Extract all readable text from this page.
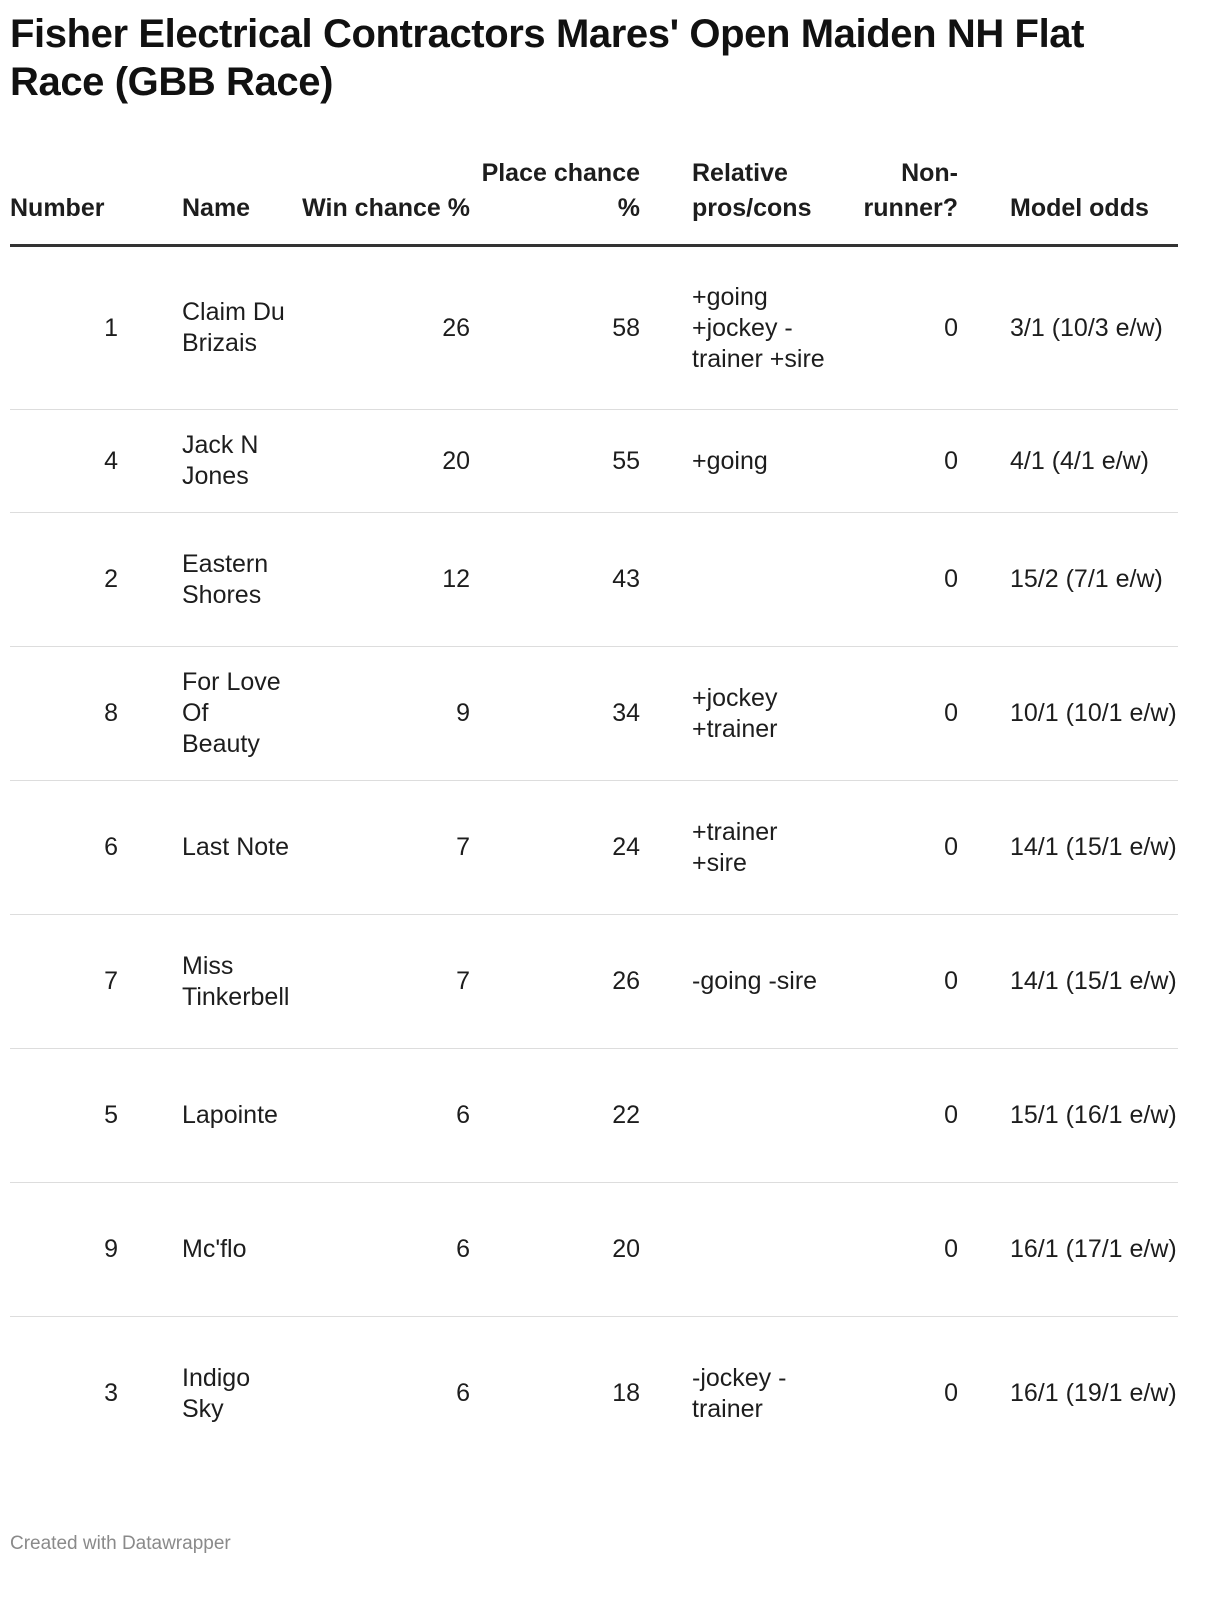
Fisher Electrical Contractors Mares' Open Maiden NH Flat Race (GBB Race)
Number	Name	Win chance %	Place chance %	Relative pros/cons	Non-runner?	Model odds
1	Claim Du Brizais	26	58	+going +jockey -trainer +sire	0	3/1 (10/3 e/w)
4	Jack N Jones	20	55	+going	0	4/1 (4/1 e/w)
2	Eastern Shores	12	43		0	15/2 (7/1 e/w)
8	For Love Of Beauty	9	34	+jockey +trainer	0	10/1 (10/1 e/w)
6	Last Note	7	24	+trainer +sire	0	14/1 (15/1 e/w)
7	Miss Tinkerbell	7	26	-going -sire	0	14/1 (15/1 e/w)
5	Lapointe	6	22		0	15/1 (16/1 e/w)
9	Mc'flo	6	20		0	16/1 (17/1 e/w)
3	Indigo Sky	6	18	-jockey -trainer	0	16/1 (19/1 e/w)
Created with Datawrapper
